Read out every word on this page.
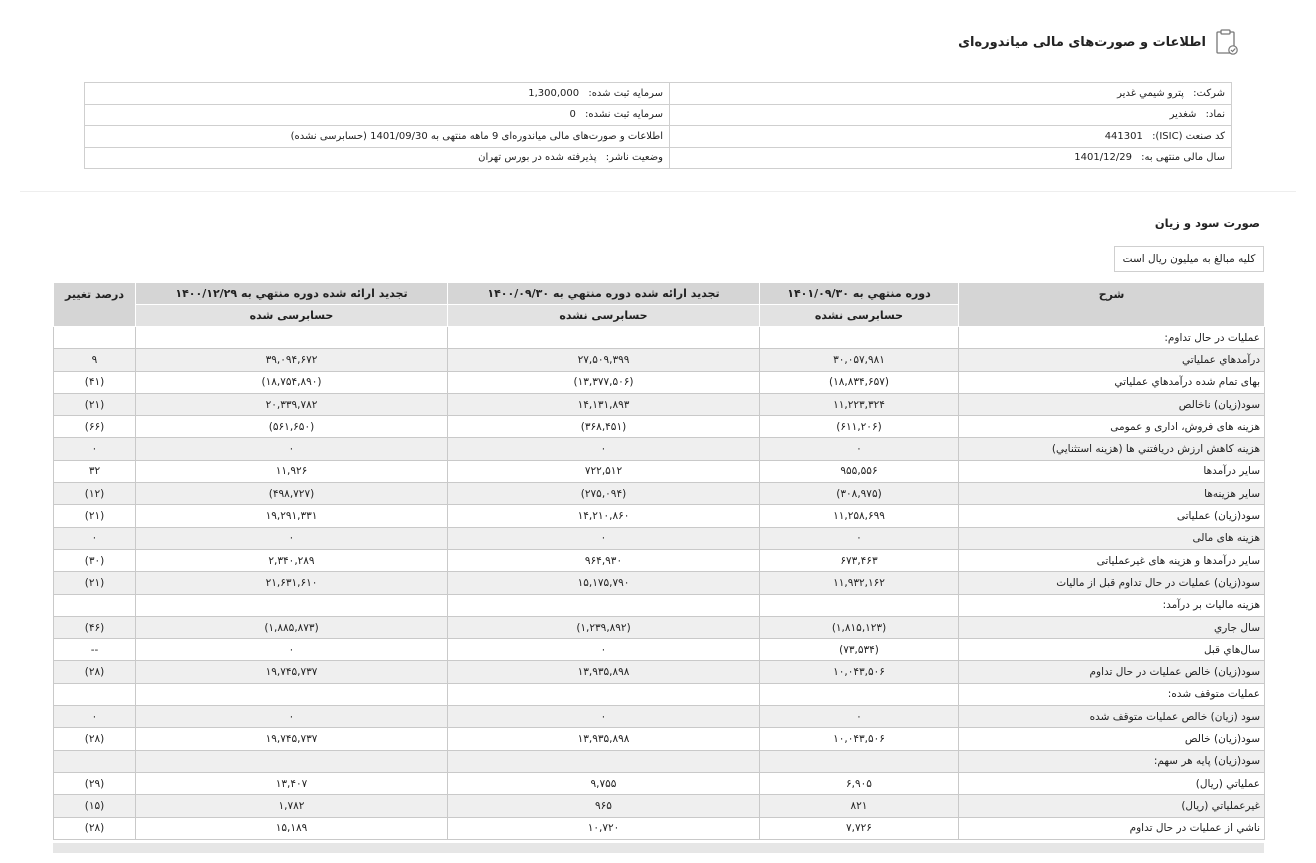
اطلاعات و صورت‌های مالی میاندوره‌ای
شرکت: پترو شيمي غدير	سرمایه ثبت شده: 1,300,000
نماد: شغدير	سرمایه ثبت نشده: 0
کد صنعت (ISIC): 441301	اطلاعات و صورت‌های مالی میاندوره‌ای 9 ماهه منتهی به 1401/09/30 (حسابرسی نشده)
سال مالی منتهی به: 1401/12/29	وضعیت ناشر: پذیرفته شده در بورس تهران
صورت سود و زيان
کليه مبالغ به ميليون ريال است
شرح	دوره منتهي به ۱۴۰۱/۰۹/۳۰	تجديد ارائه شده دوره منتهي به ۱۴۰۰/۰۹/۳۰	تجديد ارائه شده دوره منتهي به ۱۴۰۰/۱۲/۲۹	درصد تغيير
	حسابرسی نشده	حسابرسی نشده	حسابرسی شده	
عمليات در حال تداوم:				
درآمدهاي عملياتي	۳۰,۰۵۷,۹۸۱	۲۷,۵۰۹,۳۹۹	۳۹,۰۹۴,۶۷۲	۹
بهاى تمام شده درآمدهاي عملياتي	(۱۸,۸۳۴,۶۵۷)	(۱۳,۳۷۷,۵۰۶)	(۱۸,۷۵۴,۸۹۰)	(۴۱)
سود(زيان) ناخالص	۱۱,۲۲۳,۳۲۴	۱۴,۱۳۱,۸۹۳	۲۰,۳۳۹,۷۸۲	(۲۱)
هزينه هاى فروش، ادارى و عمومى	(۶۱۱,۲۰۶)	(۳۶۸,۴۵۱)	(۵۶۱,۶۵۰)	(۶۶)
هزينه كاهش ارزش دريافتني ها (هزينه استثنايي)	۰	۰	۰	۰
ساير درآمدها	۹۵۵,۵۵۶	۷۲۲,۵۱۲	۱۱,۹۲۶	۳۲
ساير هزينه‌ها	(۳۰۸,۹۷۵)	(۲۷۵,۰۹۴)	(۴۹۸,۷۲۷)	(۱۲)
سود(زيان) عملياتى	۱۱,۲۵۸,۶۹۹	۱۴,۲۱۰,۸۶۰	۱۹,۲۹۱,۳۳۱	(۲۱)
هزينه هاى مالى	۰	۰	۰	۰
ساير درآمدها و هزينه هاى غيرعملياتى	۶۷۳,۴۶۳	۹۶۴,۹۳۰	۲,۳۴۰,۲۸۹	(۳۰)
سود(زيان) عمليات در حال تداوم قبل از ماليات	۱۱,۹۳۲,۱۶۲	۱۵,۱۷۵,۷۹۰	۲۱,۶۳۱,۶۱۰	(۲۱)
هزينه ماليات بر درآمد:				
سال جاري	(۱,۸۱۵,۱۲۳)	(۱,۲۳۹,۸۹۲)	(۱,۸۸۵,۸۷۳)	(۴۶)
سال‌هاي قبل	(۷۳,۵۳۴)	۰	۰	--
سود(زيان) خالص عمليات در حال تداوم	۱۰,۰۴۳,۵۰۶	۱۳,۹۳۵,۸۹۸	۱۹,۷۴۵,۷۳۷	(۲۸)
عمليات متوقف شده:				
سود (زيان) خالص عمليات متوقف شده	۰	۰	۰	۰
سود(زيان) خالص	۱۰,۰۴۳,۵۰۶	۱۳,۹۳۵,۸۹۸	۱۹,۷۴۵,۷۳۷	(۲۸)
سود(زيان) پايه هر سهم:				
عملياتي (ريال)	۶,۹۰۵	۹,۷۵۵	۱۳,۴۰۷	(۲۹)
غيرعملياتي (ريال)	۸۲۱	۹۶۵	۱,۷۸۲	(۱۵)
ناشي از عمليات در حال تداوم	۷,۷۲۶	۱۰,۷۲۰	۱۵,۱۸۹	(۲۸)
